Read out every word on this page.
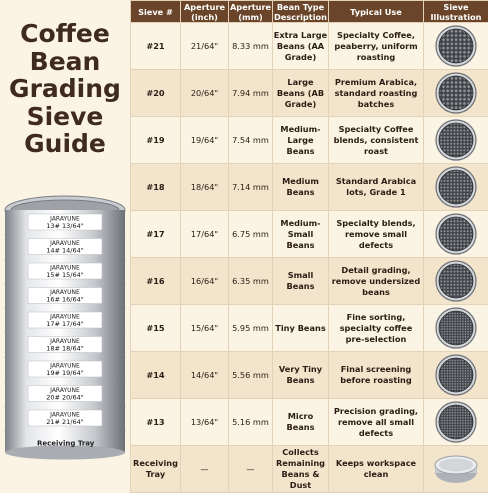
Coffee
Bean
Grading
Sieve
Guide
JARAYUNE
13# 13/64"
JARAYUNE
14# 14/64"
JARAYUNE
15# 15/64"
JARAYUNE
16# 16/64"
JARAYUNE
17# 17/64"
JARAYUNE
18# 18/64"
JARAYUNE
19# 19/64"
JARAYUNE
20# 20/64"
JARAYUNE
21# 21/64"
Receiving Tray
Sieve #	Aperture (inch)	Aperture (mm)	Bean Type Description	Typical Use	Sieve Illustration
#21	21/64"	8.33 mm	Extra Large Beans (AA Grade)	Specialty Coffee, peaberry, uniform roasting	

#20	20/64"	7.94 mm	Large Beans (AB Grade)	Premium Arabica, standard roasting batches	

#19	19/64"	7.54 mm	Medium-Large Beans	Specialty Coffee blends, consistent roast	

#18	18/64"	7.14 mm	Medium Beans	Standard Arabica lots, Grade 1	

#17	17/64"	6.75 mm	Medium-Small Beans	Specialty blends, remove small defects	

#16	16/64"	6.35 mm	Small Beans	Detail grading, remove undersized beans	

#15	15/64"	5.95 mm	Tiny Beans	Fine sorting, specialty coffee pre-selection	

#14	14/64"	5.56 mm	Very Tiny Beans	Final screening before roasting	

#13	13/64"	5.16 mm	Micro Beans	Precision grading, remove all small defects	

Receiving Tray	—	—	Collects Remaining Beans & Dust	Keeps workspace clean	
